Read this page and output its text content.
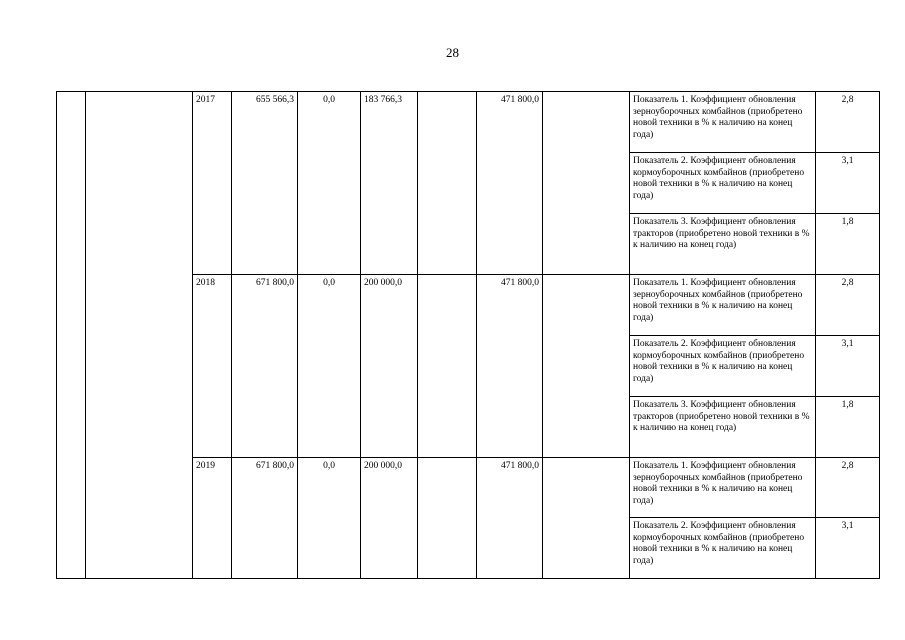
28
		2017	655 566,3	0,0	183 766,3		471 800,0		Показатель 1. Коэффициент обновления зерноуборочных комбайнов (приобретено новой техники в % к наличию на конец года)	2,8
									Показатель 2. Коэффициент обновления кормоуборочных комбайнов (приобретено новой техники в % к наличию на конец года)	3,1
									Показатель 3. Коэффициент обновления тракторов (приобретено новой техники в % к наличию на конец года)	1,8
		2018	671 800,0	0,0	200 000,0		471 800,0		Показатель 1. Коэффициент обновления зерноуборочных комбайнов (приобретено новой техники в % к наличию на конец года)	2,8
									Показатель 2. Коэффициент обновления кормоуборочных комбайнов (приобретено новой техники в % к наличию на конец года)	3,1
									Показатель 3. Коэффициент обновления тракторов (приобретено новой техники в % к наличию на конец года)	1,8
		2019	671 800,0	0,0	200 000,0		471 800,0		Показатель 1. Коэффициент обновления зерноуборочных комбайнов (приобретено новой техники в % к наличию на конец года)	2,8
									Показатель 2. Коэффициент обновления кормоуборочных комбайнов (приобретено новой техники в % к наличию на конец года)	3,1
